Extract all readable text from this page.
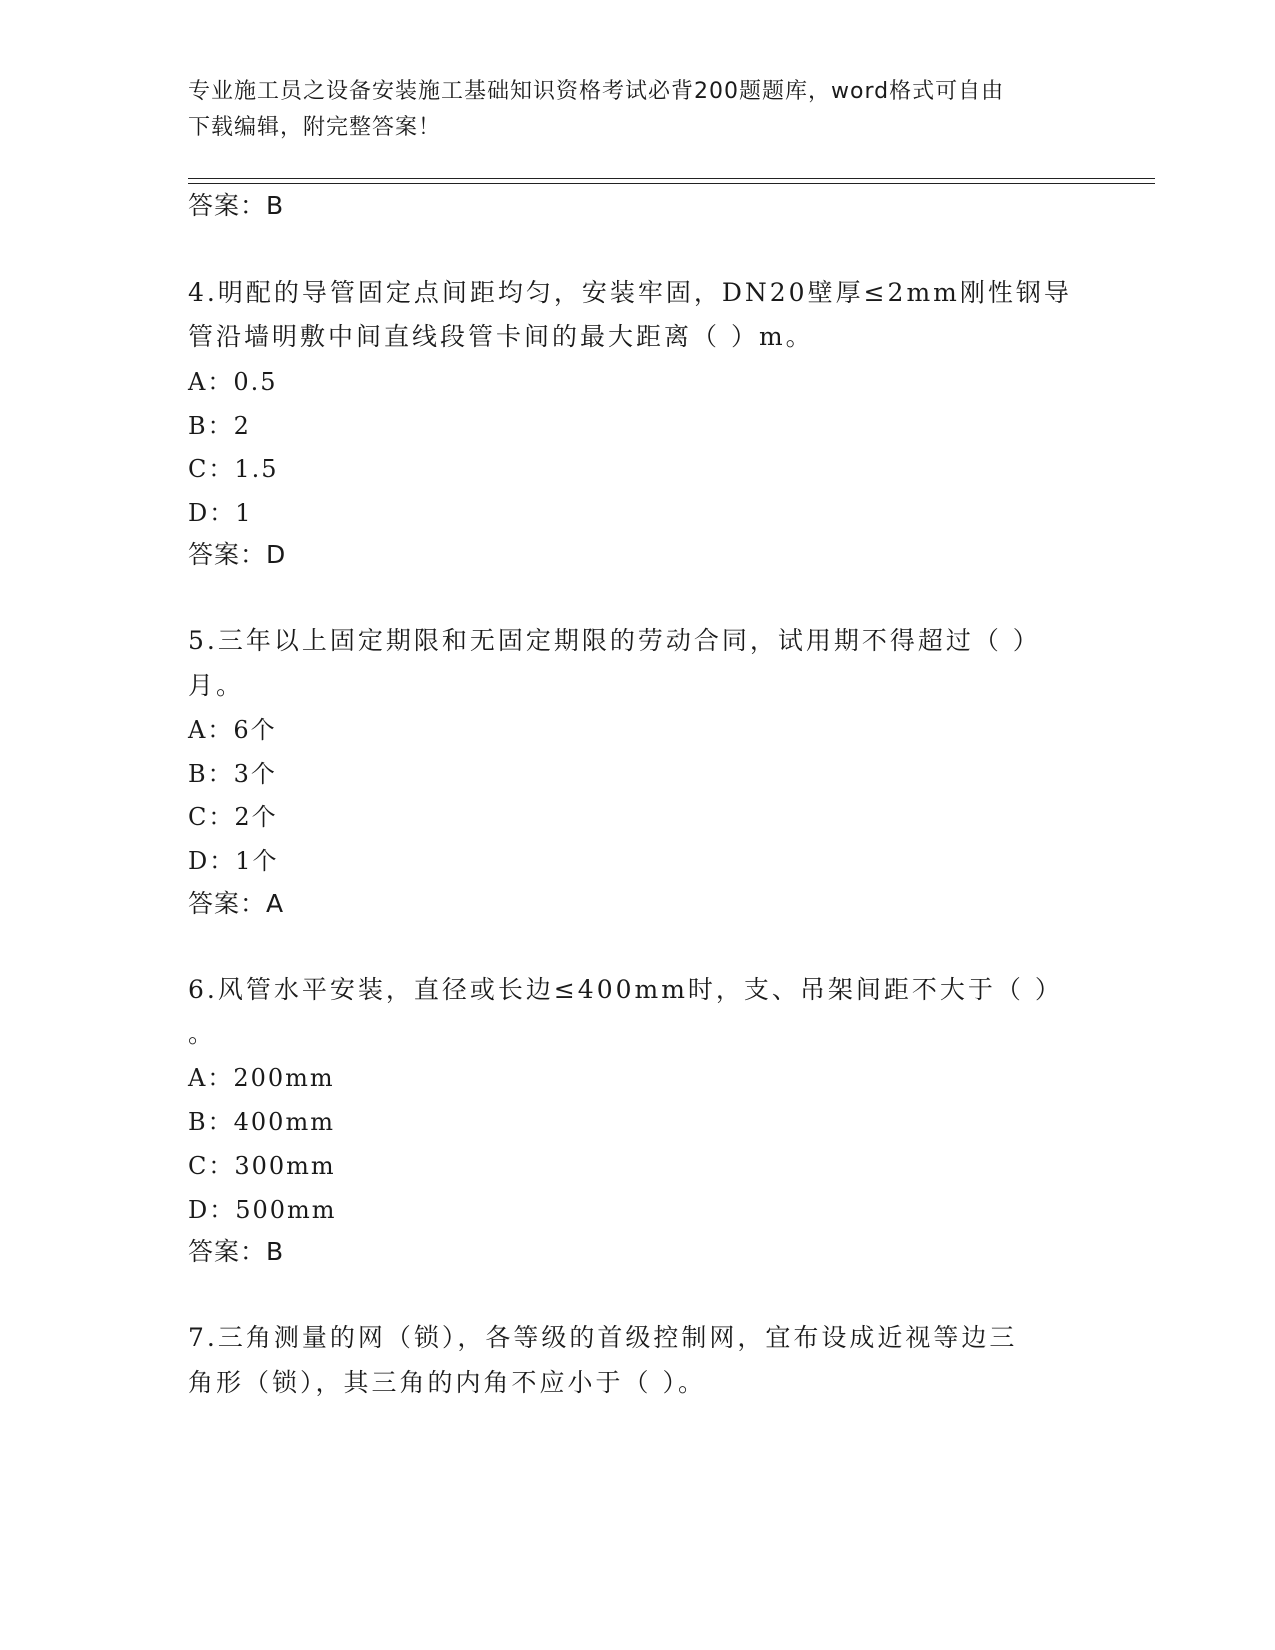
专业施工员之设备安装施工基础知识资格考试必背200题题库，word格式可自由
下载编辑，附完整答案！
答案：B
4.明配的导管固定点间距均匀，安装牢固，DN20壁厚≤2mm刚性钢导
管沿墙明敷中间直线段管卡间的最大距离（ ）m。
A：0.5
B：2
C：1.5
D：1
答案：D
5.三年以上固定期限和无固定期限的劳动合同，试用期不得超过（ ）
月。
A：6个
B：3个
C：2个
D：1个
答案：A
6.风管水平安装，直径或长边≤400mm时，支、吊架间距不大于（ ）
。
A：200mm
B：400mm
C：300mm
D：500mm
答案：B
7.三角测量的网（锁），各等级的首级控制网，宜布设成近视等边三
角形（锁），其三角的内角不应小于（ ）。
